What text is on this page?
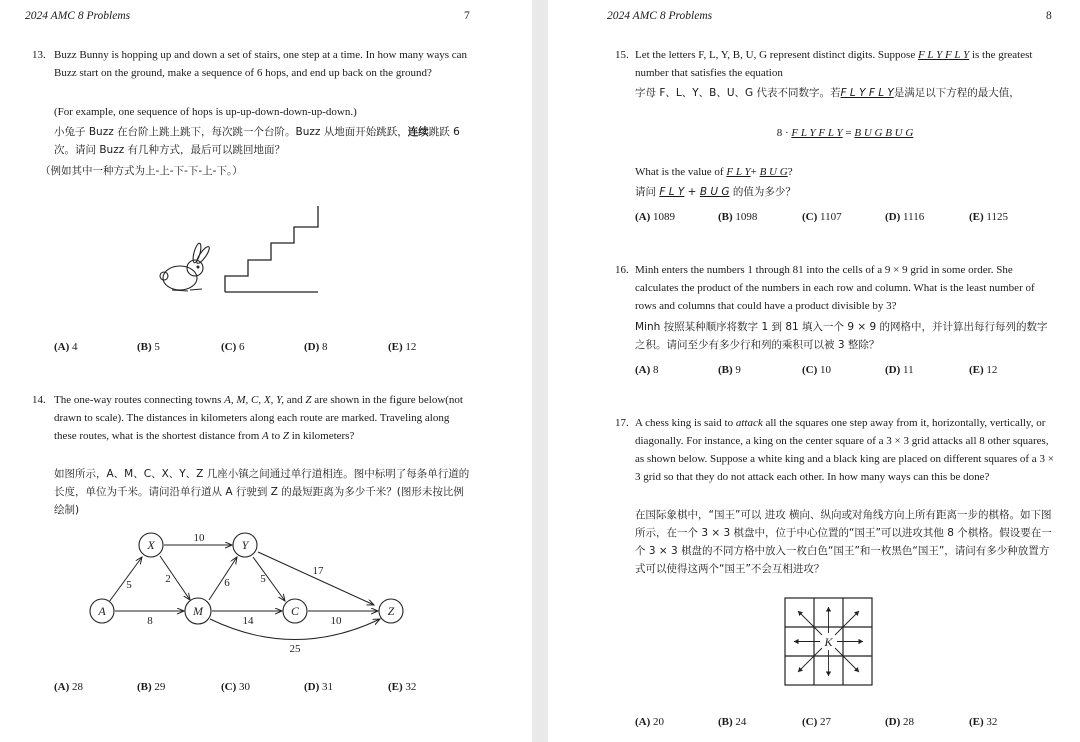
2024 AMC 8 Problems	7
13. Buzz Bunny is hopping up and down a set of stairs, one step at a time. In how many ways can Buzz start on the ground, make a sequence of 6 hops, and end up back on the ground?

(For example, one sequence of hops is up-up-down-down-up-down.)

小兔子 Buzz 在台阶上跳上跳下，每次跳一个台阶。Buzz 从地面开始跳跃，连续跳跃 6 次。请问 Buzz 有几种方式，最后可以跳回地面？

（例如其中一种方式为上-上-下-下-上-下。）

(A) 4	(B) 5	(C) 6	(D) 8	(E) 12
14. The one-way routes connecting towns A, M, C, X, Y, and Z are shown in the figure below(not drawn to scale). The distances in kilometers along each route are marked. Traveling along these routes, what is the shortest distance from A to Z in kilometers?

如图所示，A、M、C、X、Y、Z 几座小镇之间通过单行道相连。图中标明了每条单行道的长度，单位为千米。请问沿单行道从 A 行驶到 Z 的最短距离为多少千米？(图形未按比例绘制)

X	Y
A	M	C	Z
10
5	2	6	5
17
8	14	10
25
(A) 28	(B) 29	(C) 30	(D) 31	(E) 32
2024 AMC 8 Problems	8
15. Let the letters F, L, Y, B, U, G represent distinct digits. Suppose F L Y F L Y is the greatest number that satisfies the equation

字母 F、L、Y、B、U、G 代表不同数字。若F L Y F L Y是满足以下方程的最大值，

8 · F L Y F L Y = B U G B U G

What is the value of F L Y+ B U G?

请问 F L Y + B U G 的值为多少？

(A) 1089	(B) 1098	(C) 1107	(D) 1116	(E) 1125
16. Minh enters the numbers 1 through 81 into the cells of a 9 × 9 grid in some order. She calculates the product of the numbers in each row and column. What is the least number of rows and columns that could have a product divisible by 3?

Minh 按照某种顺序将数字 1 到 81 填入一个 9 × 9 的网格中，并计算出每行每列的数字之积。请问至少有多少行和列的乘积可以被 3 整除？

(A) 8	(B) 9	(C) 10	(D) 11	(E) 12
17. A chess king is said to attack all the squares one step away from it, horizontally, vertically, or diagonally. For instance, a king on the center square of a 3 × 3 grid attacks all 8 other squares, as shown below. Suppose a white king and a black king are placed on different squares of a 3 × 3 grid so that they do not attack each other. In how many ways can this be done?

在国际象棋中，“国王”可以 进攻 横向、纵向或对角线方向上所有距离一步的棋格。如下图所示，在一个 3 × 3 棋盘中，位于中心位置的“国王”可以进攻其他 8 个棋格。假设要在一个 3 × 3 棋盘的不同方格中放入一枚白色“国王”和一枚黑色“国王”，请问有多少种放置方式可以使得这两个“国王”不会互相进攻？

K
(A) 20	(B) 24	(C) 27	(D) 28	(E) 32
